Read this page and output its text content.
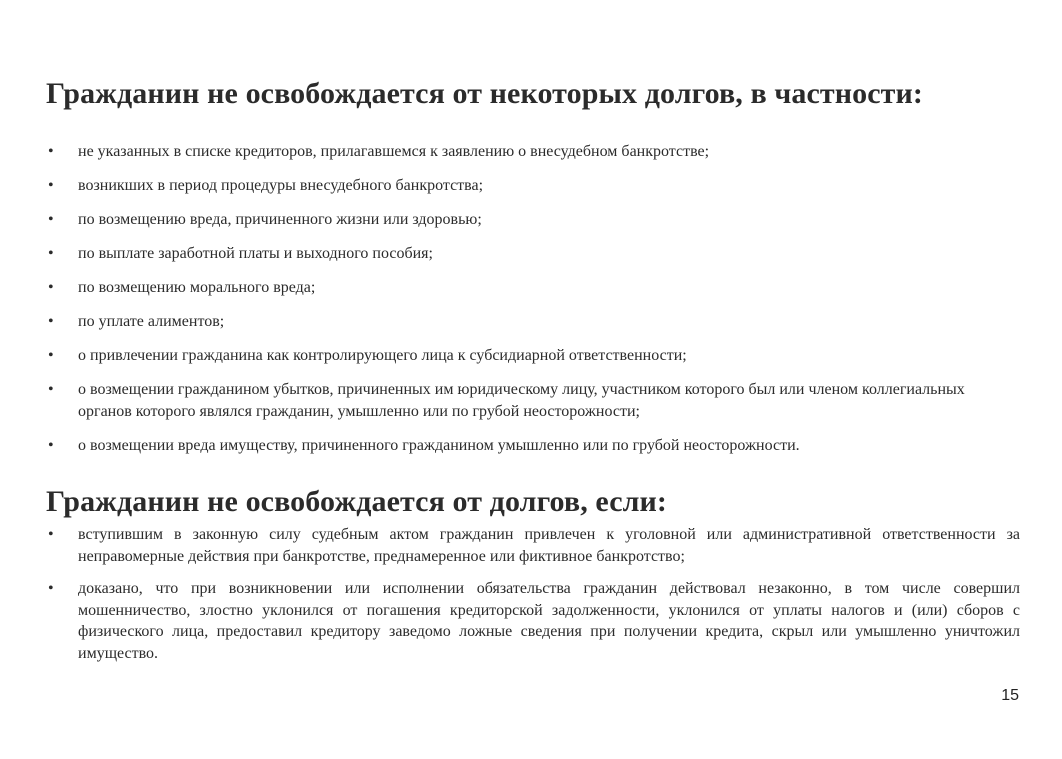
Гражданин не освобождается от некоторых долгов, в частности:
•	не указанных в списке кредиторов, прилагавшемся к заявлению о внесудебном банкротстве;
•	возникших в период процедуры внесудебного банкротства;
•	по возмещению вреда, причиненного жизни или здоровью;
•	по выплате заработной платы и выходного пособия;
•	по возмещению морального вреда;
•	по уплате алиментов;
•	о привлечении гражданина как контролирующего лица к субсидиарной ответственности;
•	о возмещении гражданином убытков, причиненных им юридическому лицу, участником которого был или членом коллегиальных органов которого являлся гражданин, умышленно или по грубой неосторожности;
•	о возмещении вреда имуществу, причиненного гражданином умышленно или по грубой неосторожности.
Гражданин не освобождается от долгов, если:
•	вступившим в законную силу судебным актом гражданин привлечен к уголовной или административной ответственности за неправомерные действия при банкротстве, преднамеренное или фиктивное банкротство;
•	доказано, что при возникновении или исполнении обязательства гражданин действовал незаконно, в том числе совершил мошенничество, злостно уклонился от погашения кредиторской задолженности, уклонился от уплаты налогов и (или) сборов с физического лица, предоставил кредитору заведомо ложные сведения при получении кредита, скрыл или умышленно уничтожил имущество.
15
